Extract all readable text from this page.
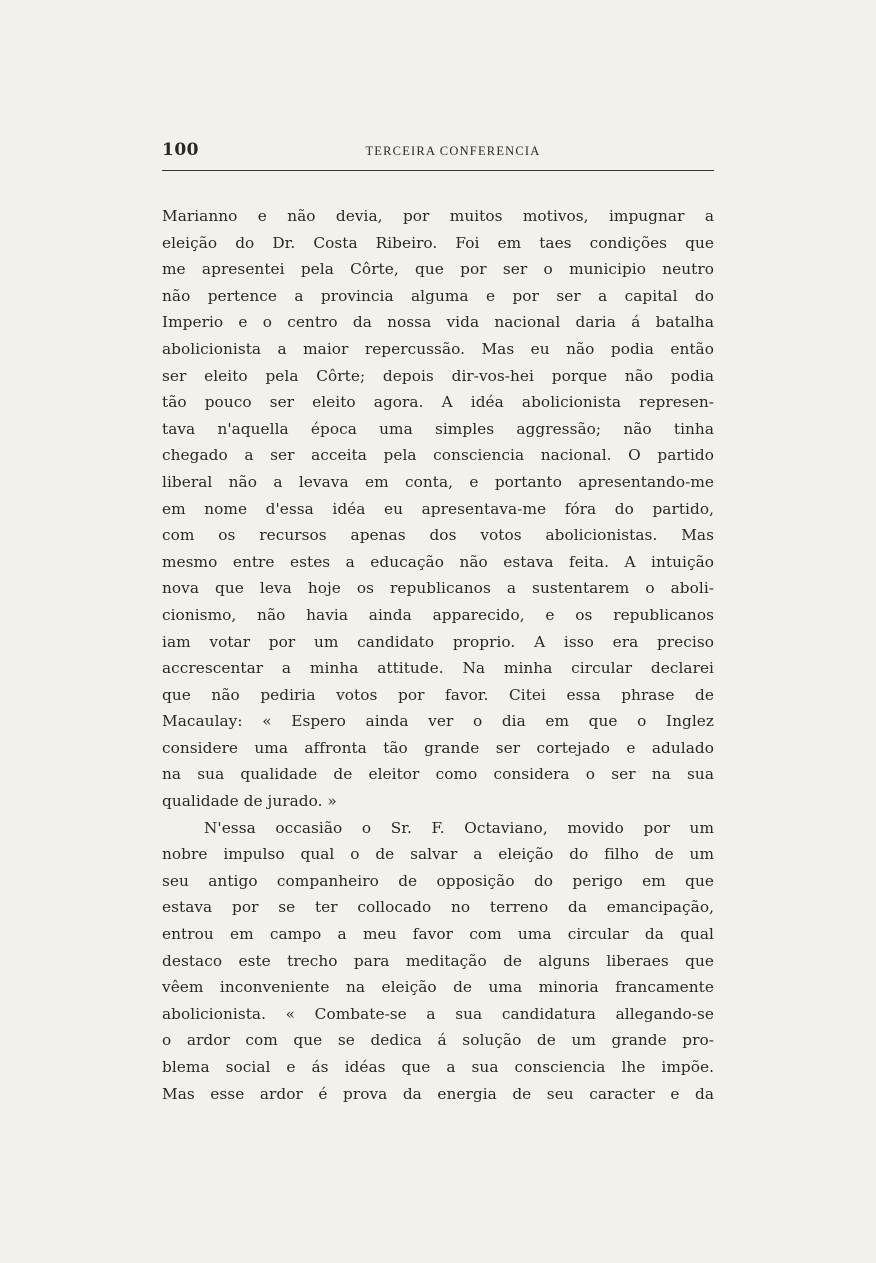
100	TERCEIRA CONFERENCIA

Marianno e não devia, por muitos motivos, impugnar a
eleição do Dr. Costa Ribeiro. Foi em taes condições que
me apresentei pela Côrte, que por ser o municipio neutro
não pertence a provincia alguma e por ser a capital do
Imperio e o centro da nossa vida nacional daria á batalha
abolicionista a maior repercussão. Mas eu não podia então
ser eleito pela Côrte; depois dir-vos-hei porque não podia
tão pouco ser eleito agora. A idéa abolicionista represen-
tava n'aquella época uma simples aggressão; não tinha
chegado a ser acceita pela consciencia nacional. O partido
liberal não a levava em conta, e portanto apresentando-me
em nome d'essa idéa eu apresentava-me fóra do partido,
com os recursos apenas dos votos abolicionistas. Mas
mesmo entre estes a educação não estava feita. A intuição
nova que leva hoje os republicanos a sustentarem o aboli-
cionismo, não havia ainda apparecido, e os republicanos
iam votar por um candidato proprio. A isso era preciso
accrescentar a minha attitude. Na minha circular declarei
que não pediria votos por favor. Citei essa phrase de
Macaulay: « Espero ainda ver o dia em que o Inglez
considere uma affronta tão grande ser cortejado e adulado
na sua qualidade de eleitor como considera o ser na sua
qualidade de jurado. »

N'essa occasião o Sr. F. Octaviano, movido por um
nobre impulso qual o de salvar a eleição do filho de um
seu antigo companheiro de opposição do perigo em que
estava por se ter collocado no terreno da emancipação,
entrou em campo a meu favor com uma circular da qual
destaco este trecho para meditação de alguns liberaes que
vêem inconveniente na eleição de uma minoria francamente
abolicionista. « Combate-se a sua candidatura allegando-se
o ardor com que se dedica á solução de um grande pro-
blema social e ás idéas que a sua consciencia lhe impõe.
Mas esse ardor é prova da energia de seu caracter e da
